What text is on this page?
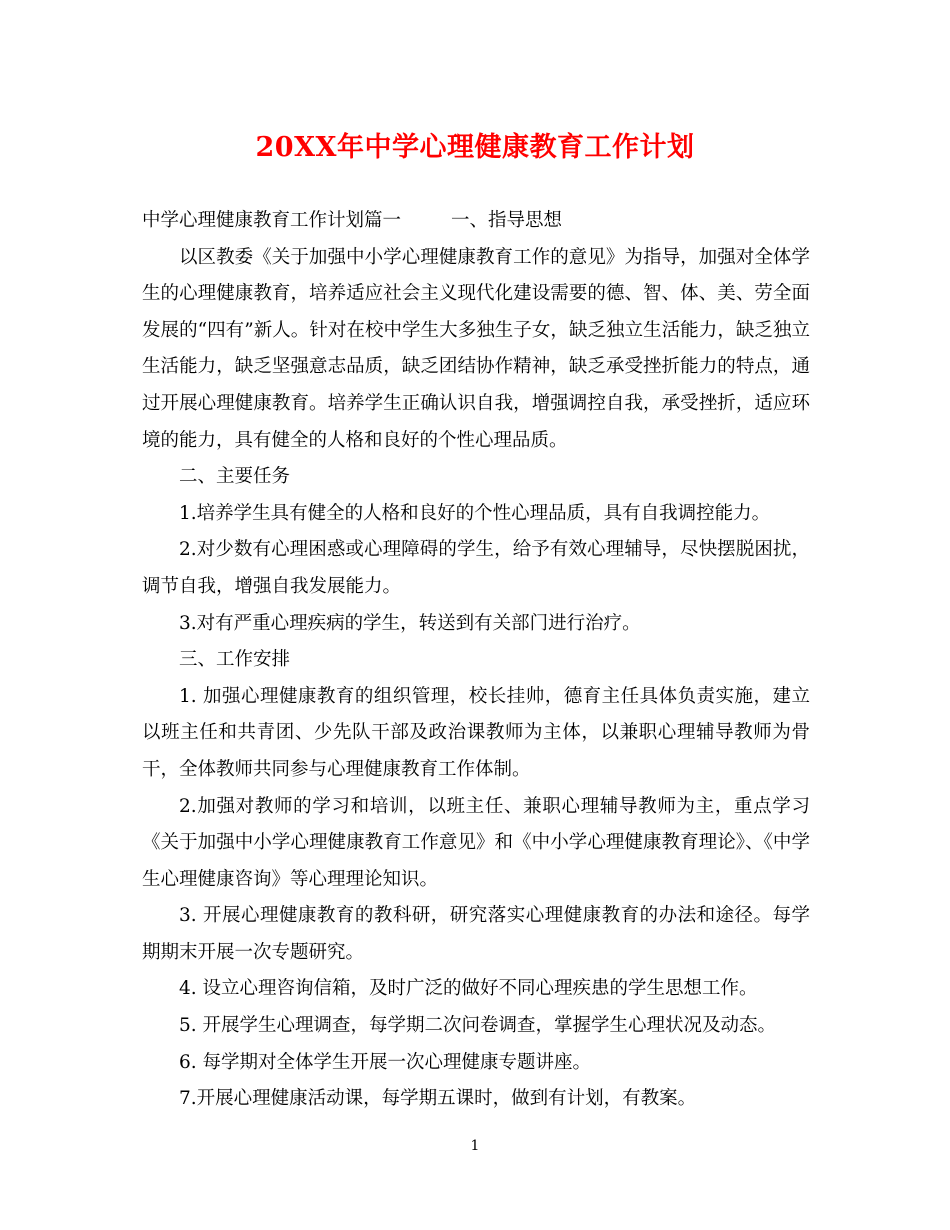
20XX年中学心理健康教育工作计划

中学心理健康教育工作计划篇一	一、指导思想

以区教委《关于加强中小学心理健康教育工作的意见》为指导，加强对全体学生的心理健康教育，培养适应社会主义现代化建设需要的德、智、体、美、劳全面发展的“四有”新人。针对在校中学生大多独生子女，缺乏独立生活能力，缺乏独立生活能力，缺乏坚强意志品质，缺乏团结协作精神，缺乏承受挫折能力的特点，通过开展心理健康教育。培养学生正确认识自我，增强调控自我，承受挫折，适应环境的能力，具有健全的人格和良好的个性心理品质。

二、主要任务

1.培养学生具有健全的人格和良好的个性心理品质，具有自我调控能力。

2.对少数有心理困惑或心理障碍的学生，给予有效心理辅导，尽快摆脱困扰，调节自我，增强自我发展能力。

3.对有严重心理疾病的学生，转送到有关部门进行治疗。

三、工作安排

1. 加强心理健康教育的组织管理，校长挂帅，德育主任具体负责实施，建立以班主任和共青团、少先队干部及政治课教师为主体，以兼职心理辅导教师为骨干，全体教师共同参与心理健康教育工作体制。

2.加强对教师的学习和培训，以班主任、兼职心理辅导教师为主，重点学习《关于加强中小学心理健康教育工作意见》和《中小学心理健康教育理论》、《中学生心理健康咨询》等心理理论知识。

3. 开展心理健康教育的教科研，研究落实心理健康教育的办法和途径。每学期期末开展一次专题研究。

4. 设立心理咨询信箱，及时广泛的做好不同心理疾患的学生思想工作。

5. 开展学生心理调查，每学期二次问卷调查，掌握学生心理状况及动态。

6. 每学期对全体学生开展一次心理健康专题讲座。

7.开展心理健康活动课，每学期五课时，做到有计划，有教案。

1
